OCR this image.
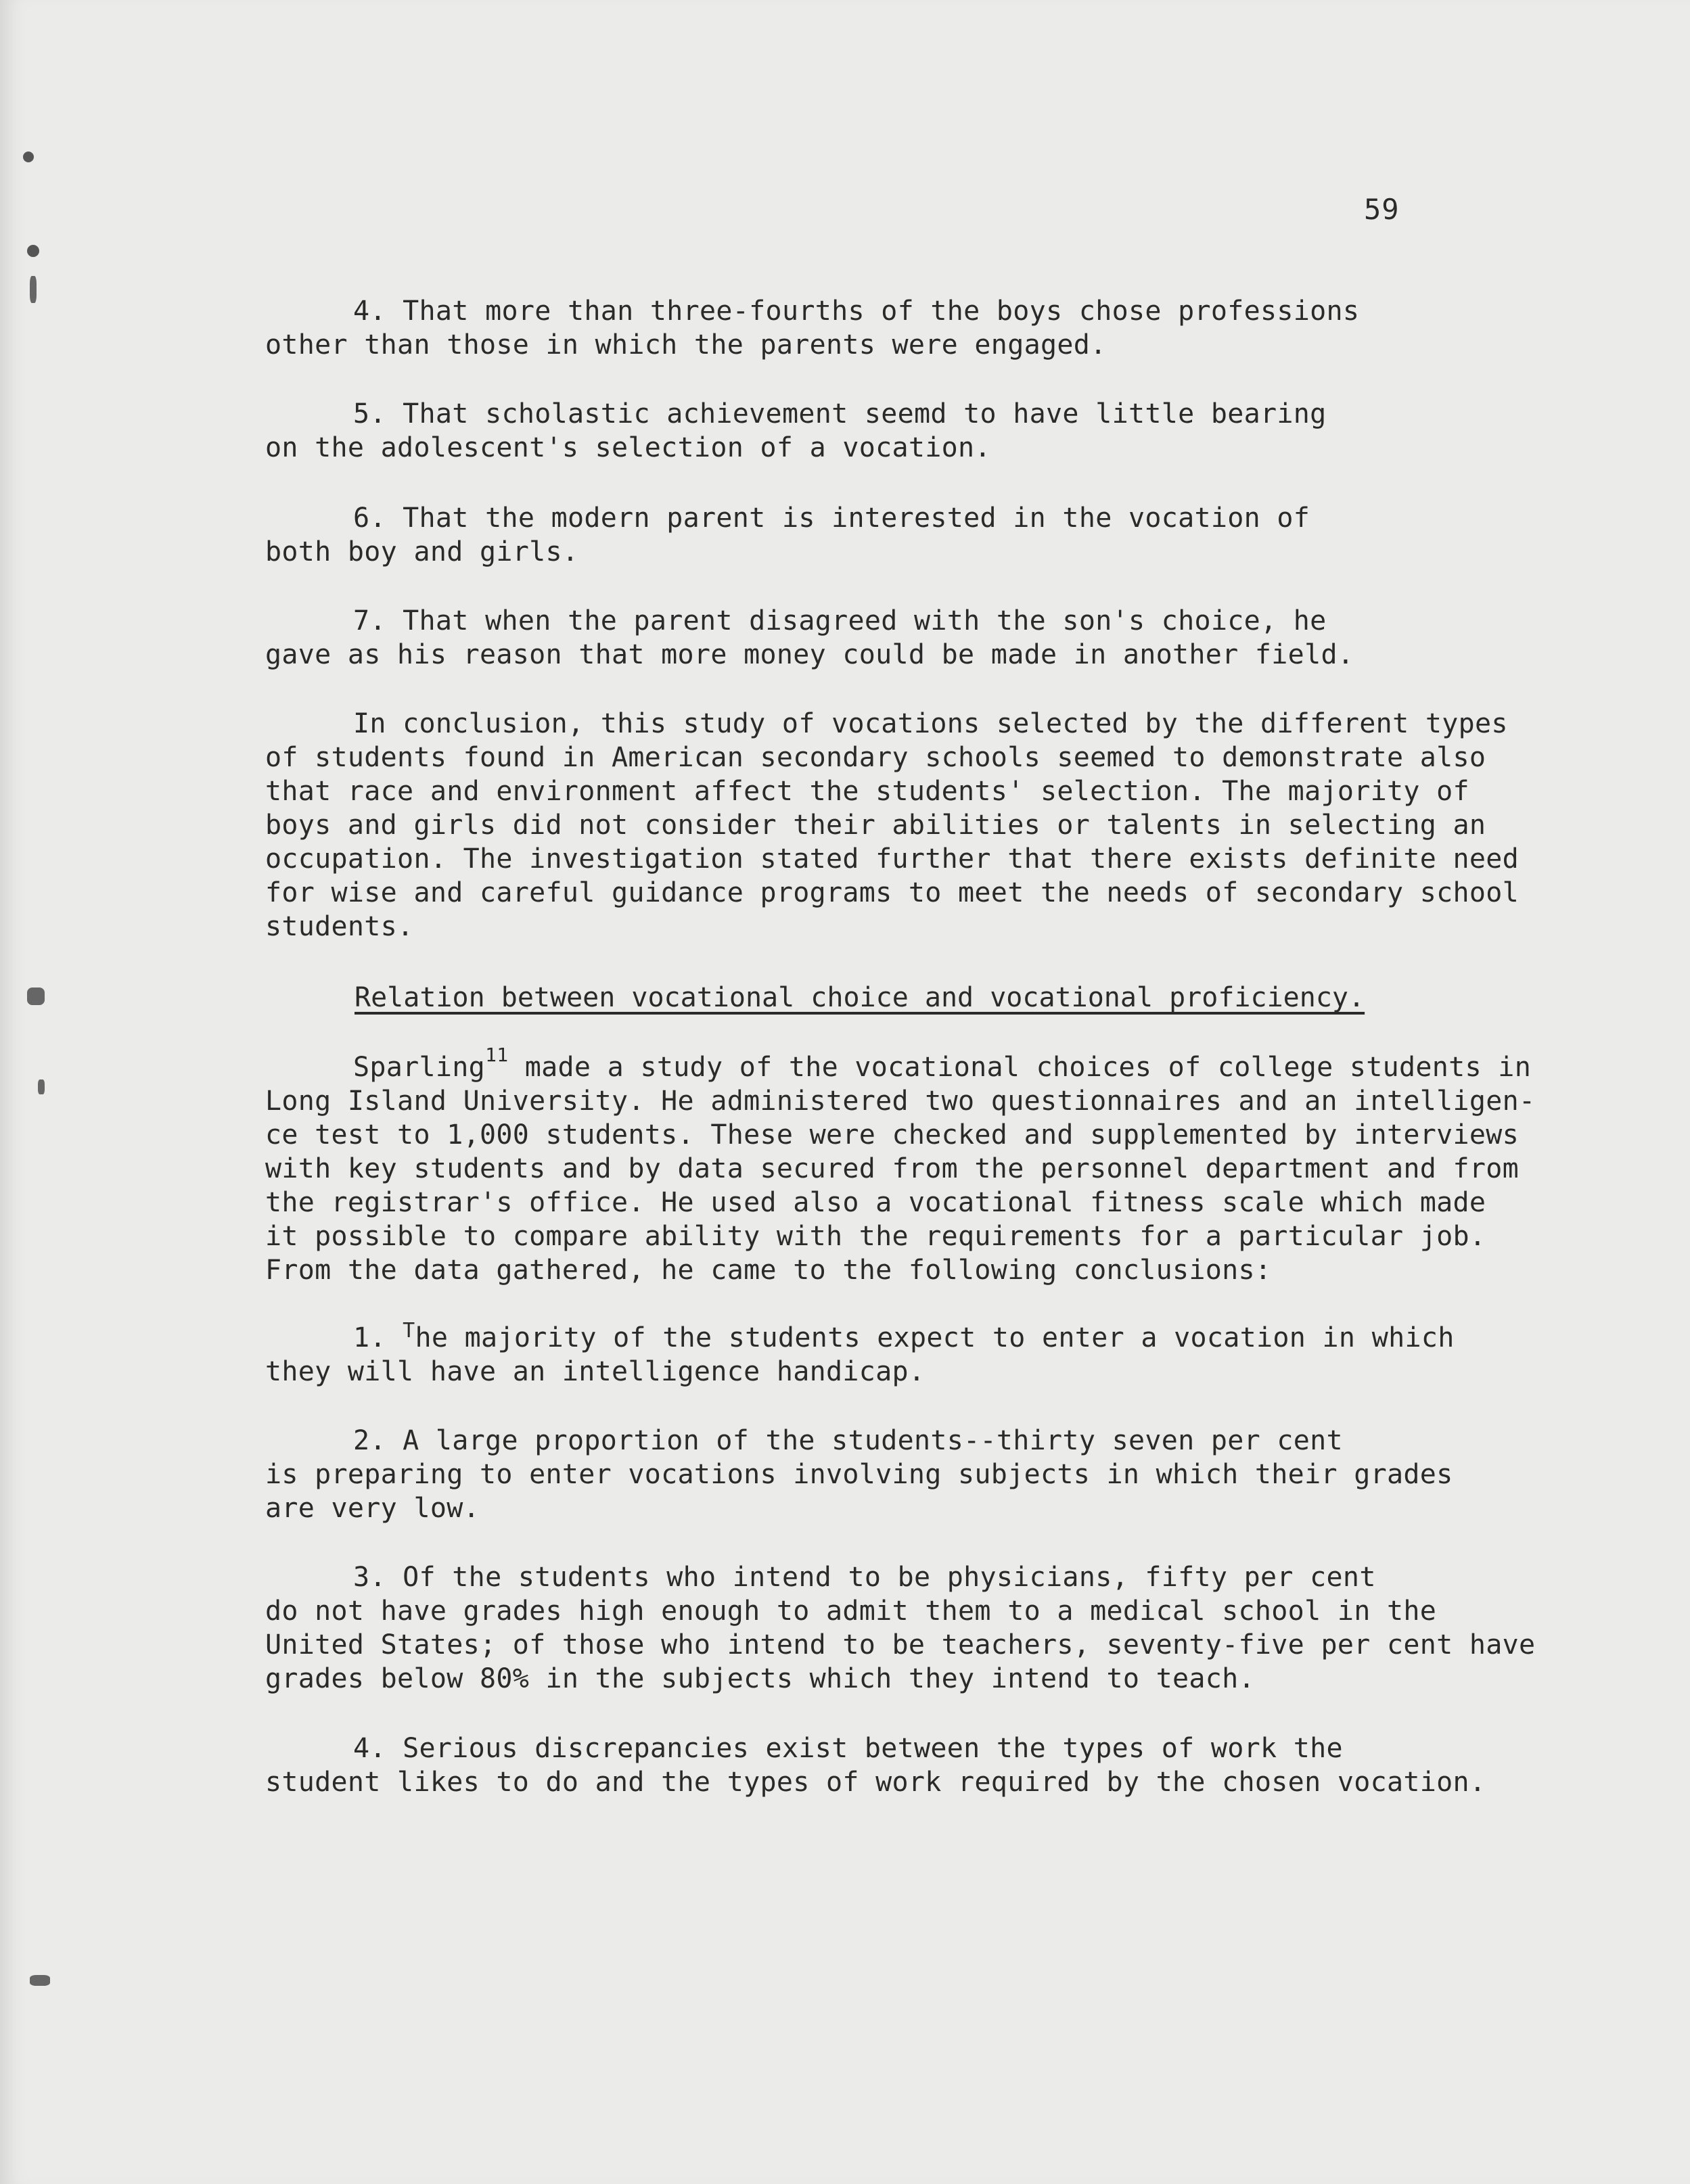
59
4. That more than three-fourths of the boys chose professions
other than those in which the parents were engaged.
5. That scholastic achievement seemd to have little bearing
on the adolescent's selection of a vocation.
6. That the modern parent is interested in the vocation of
both boy and girls.
7. That when the parent disagreed with the son's choice, he
gave as his reason that more money could be made in another field.
In conclusion, this study of vocations selected by the different types
of students found in American secondary schools seemed to demonstrate also
that race and environment affect the students' selection. The majority of
boys and girls did not consider their abilities or talents in selecting an
occupation. The investigation stated further that there exists definite need
for wise and careful guidance programs to meet the needs of secondary school
students.
Relation between vocational choice and vocational proficiency.
Sparling$^{11}$ made a study of the vocational choices of college students in
Long Island University. He administered two questionnaires and an intelligen-
ce test to 1,000 students. These were checked and supplemented by interviews
with key students and by data secured from the personnel department and from
the registrar's office. He used also a vocational fitness scale which made
it possible to compare ability with the requirements for a particular job.
From the data gathered, he came to the following conclusions:
1. $^T$he majority of the students expect to enter a vocation in which
they will have an intelligence handicap.
2. A large proportion of the students--thirty seven per cent
is preparing to enter vocations involving subjects in which their grades
are very low.
3. Of the students who intend to be physicians, fifty per cent
do not have grades high enough to admit them to a medical school in the
United States; of those who intend to be teachers, seventy-five per cent have
grades below 80% in the subjects which they intend to teach.
4. Serious discrepancies exist between the types of work the
student likes to do and the types of work required by the chosen vocation.
